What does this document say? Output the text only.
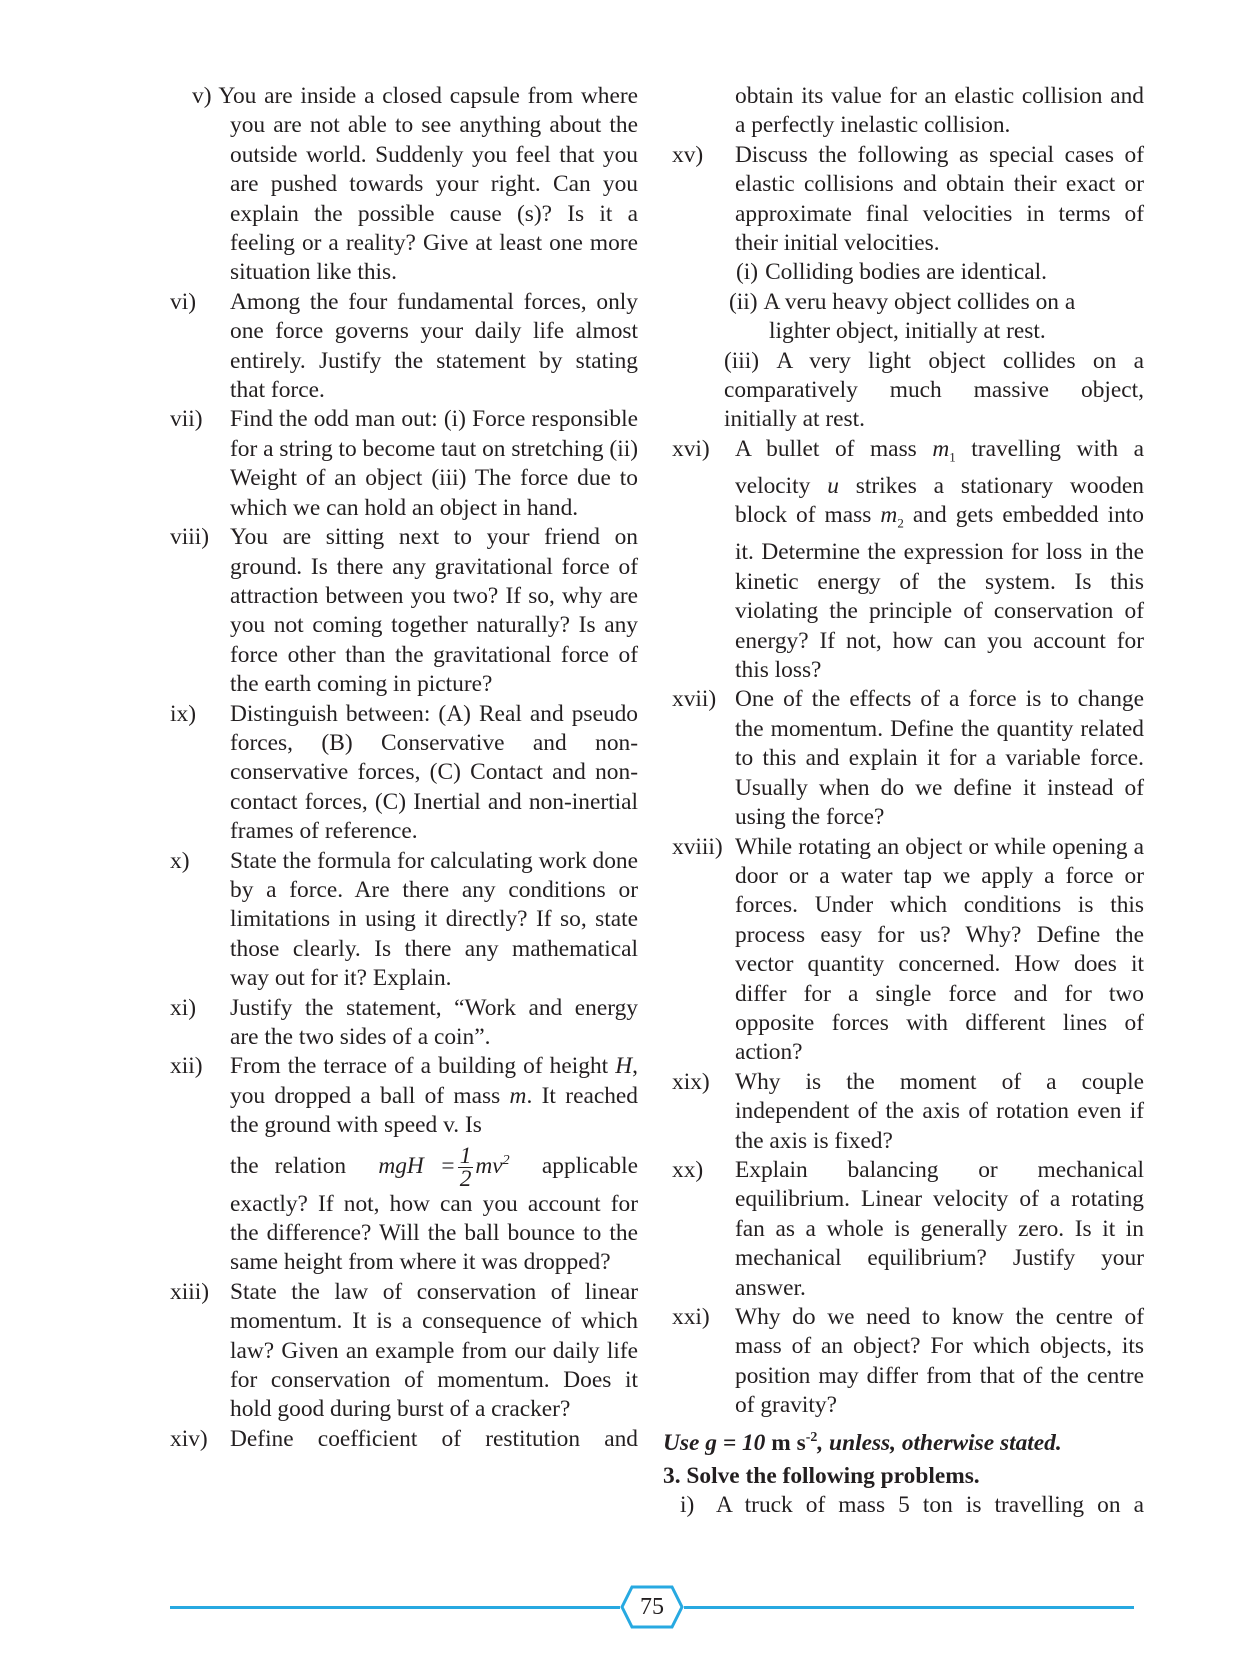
v) You are inside a closed capsule from where you are not able to see anything about the outside world. Suddenly you feel that you are pushed towards your right. Can you explain the possible cause (s)? Is it a feeling or a reality? Give at least one more situation like this.
vi)	Among the four fundamental forces, only one force governs your daily life almost entirely. Justify the statement by stating that force.
vii)	Find the odd man out: (i) Force responsible for a string to become taut on stretching (ii) Weight of an object (iii) The force due to which we can hold an object in hand.
viii) You are sitting next to your friend on ground. Is there any gravitational force of attraction between you two? If so, why are you not coming together naturally? Is any force other than the gravitational force of the earth coming in picture?
ix)	Distinguish between: (A) Real and pseudo forces, (B) Conservative and non-conservative forces, (C) Contact and non-contact forces, (C) Inertial and non-inertial frames of reference.
x)	State the formula for calculating work done by a force. Are there any conditions or limitations in using it directly? If so, state those clearly. Is there any mathematical way out for it? Explain.
xi)	Justify the statement, “Work and energy are the two sides of a coin”.
xii)	From the terrace of a building of height H, you dropped a ball of mass m. It reached the ground with speed v. Is
the relation mgH = $\frac{1}{2} mv^2$ applicable exactly? If not, how can you account for the difference? Will the ball bounce to the same height from where it was dropped?
xiii) State the law of conservation of linear momentum. It is a consequence of which law? Given an example from our daily life for conservation of momentum. Does it hold good during burst of a cracker?
xiv) Define coefficient of restitution and
obtain its value for an elastic collision and a perfectly inelastic collision.
xv)	Discuss the following as special cases of elastic collisions and obtain their exact or approximate final velocities in terms of their initial velocities.
(i) Colliding bodies are identical.
(ii) A veru heavy object collides on a
lighter object, initially at rest.
(iii) A very light object collides on a comparatively much massive object, initially at rest.
xvi)	A bullet of mass $m_1$ travelling with a velocity u strikes a stationary wooden block of mass $m_2$ and gets embedded into it. Determine the expression for loss in the kinetic energy of the system. Is this violating the principle of conservation of energy? If not, how can you account for this loss?
xvii) One of the effects of a force is to change the momentum. Define the quantity related to this and explain it for a variable force. Usually when do we define it instead of using the force?
xviii) While rotating an object or while opening a door or a water tap we apply a force or forces. Under which conditions is this process easy for us? Why? Define the vector quantity concerned. How does it differ for a single force and for two opposite forces with different lines of action?
xix)	Why is the moment of a couple independent of the axis of rotation even if the axis is fixed?
xx)	Explain balancing or mechanical equilibrium. Linear velocity of a rotating fan as a whole is generally zero. Is it in mechanical equilibrium? Justify your answer.
xxi)	Why do we need to know the centre of mass of an object? For which objects, its position may differ from that of the centre of gravity?
Use g = 10 m $s^{-2}$, unless, otherwise stated.
3. Solve the following problems.
i) A truck of mass 5 ton is travelling on a
75
